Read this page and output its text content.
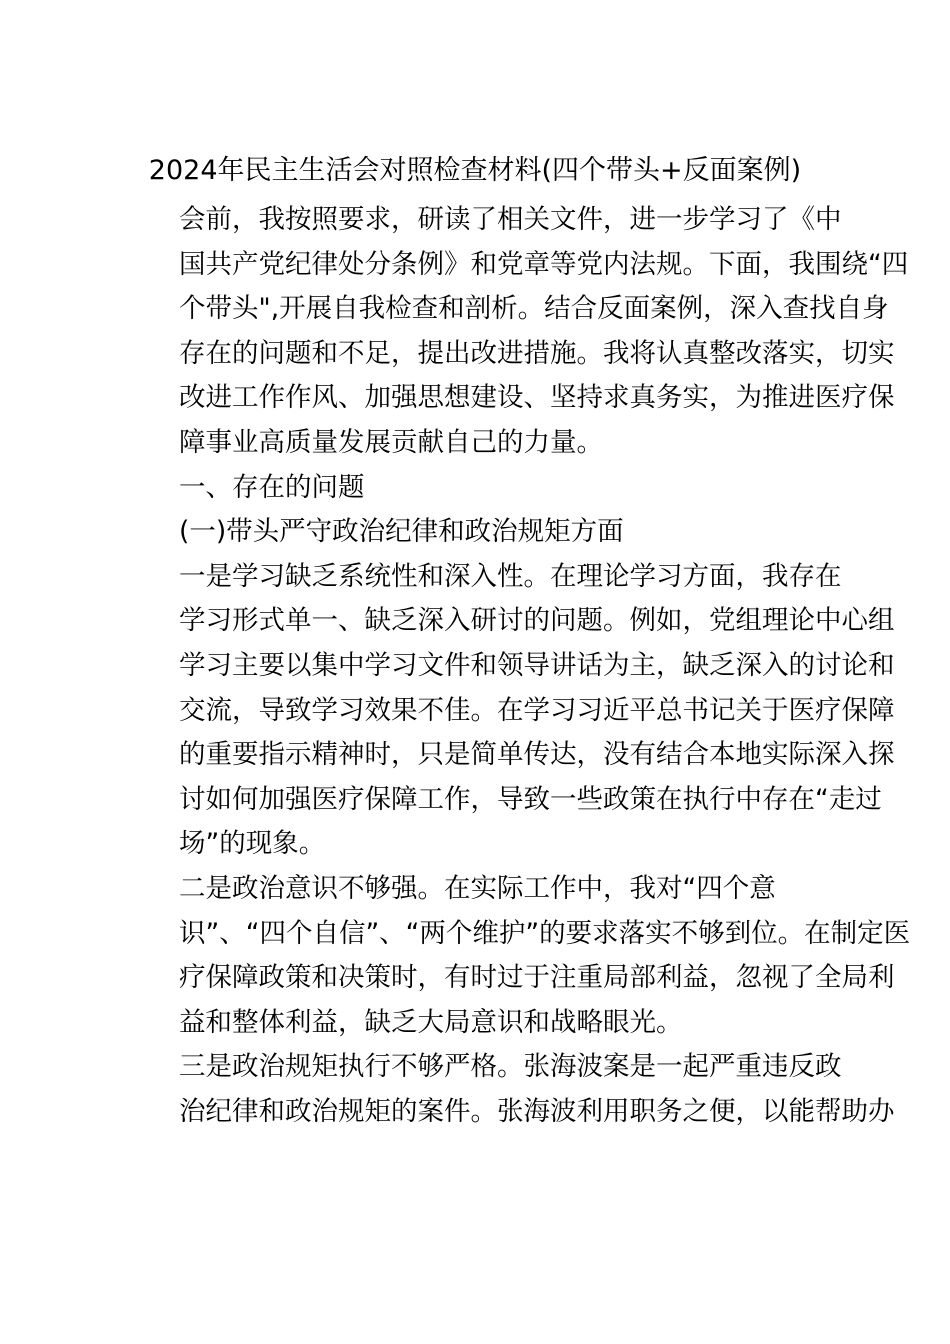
2024年民主生活会对照检查材料(四个带头+反面案例)

会前，我按照要求，研读了相关文件，进一步学习了《中
国共产党纪律处分条例》和党章等党内法规。下面，我围绕“四
个带头",开展自我检查和剖析。结合反面案例，深入查找自身
存在的问题和不足，提出改进措施。我将认真整改落实，切实
改进工作作风、加强思想建设、坚持求真务实，为推进医疗保
障事业高质量发展贡献自己的力量。

一、存在的问题

(一)带头严守政治纪律和政治规矩方面

一是学习缺乏系统性和深入性。在理论学习方面，我存在
学习形式单一、缺乏深入研讨的问题。例如，党组理论中心组
学习主要以集中学习文件和领导讲话为主，缺乏深入的讨论和
交流，导致学习效果不佳。在学习习近平总书记关于医疗保障
的重要指示精神时，只是简单传达，没有结合本地实际深入探
讨如何加强医疗保障工作，导致一些政策在执行中存在“走过
场”的现象。

二是政治意识不够强。在实际工作中，我对“四个意
识”、“四个自信”、“两个维护”的要求落实不够到位。在制定医
疗保障政策和决策时，有时过于注重局部利益，忽视了全局利
益和整体利益，缺乏大局意识和战略眼光。

三是政治规矩执行不够严格。张海波案是一起严重违反政
治纪律和政治规矩的案件。张海波利用职务之便，以能帮助办
